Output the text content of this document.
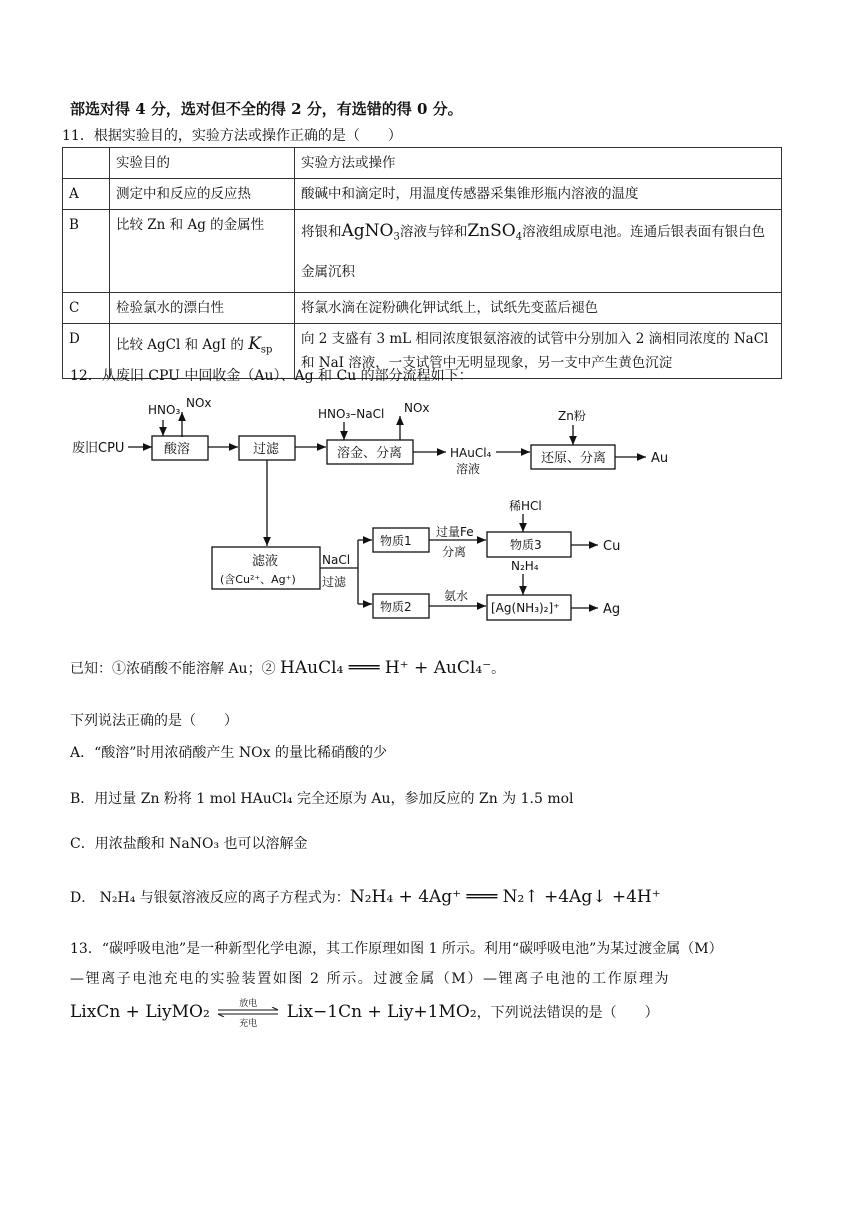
部选对得 4 分，选对但不全的得 2 分，有选错的得 0 分。
11．根据实验目的，实验方法或操作正确的是（　　）
	实验目的	实验方法或操作
A	测定中和反应的反应热	酸碱中和滴定时，用温度传感器采集锥形瓶内溶液的温度
B	比较 Zn 和 Ag 的金属性	将银和AgNO$_3$溶液与锌和ZnSO$_4$溶液组成原电池。连通后银表面有银白色金属沉积
C	检验氯水的漂白性	将氯水滴在淀粉碘化钾试纸上，试纸先变蓝后褪色
D	比较 AgCl 和 AgI 的 $K_{sp}$	向 2 支盛有 3 mL 相同浓度银氨溶液的试管中分别加入 2 滴相同浓度的 NaCl 和 NaI 溶液，一支试管中无明显现象，另一支中产生黄色沉淀
12．从废旧 CPU 中回收金（Au）、Ag 和 Cu 的部分流程如下：
废旧CPU
HNO₃ NOx
酸溶	过滤
HNO₃–NaCl NOx
溶金、分离	HAuCl₄
溶液
Zn粉
还原、分离	Au
滤液
(含Cu²⁺、Ag⁺)
NaCl
过滤
物质1
过量Fe
分离
稀HCl
物质3	Cu
物质2
氨水
N₂H₄
[Ag(NH₃)₂]⁺	Ag
已知：①浓硝酸不能溶解 Au；② HAuCl₄ ═══ H⁺ + AuCl₄⁻。
下列说法正确的是（　　）
A．“酸溶”时用浓硝酸产生 NOx 的量比稀硝酸的少
B．用过量 Zn 粉将 1 mol HAuCl₄ 完全还原为 Au，参加反应的 Zn 为 1.5 mol
C．用浓盐酸和 NaNO₃ 也可以溶解金
D． N₂H₄ 与银氨溶液反应的离子方程式为：N₂H₄ + 4Ag⁺ ═══ N₂↑ +4Ag↓ +4H⁺
13．“碳呼吸电池”是一种新型化学电源，其工作原理如图 1 所示。利用“碳呼吸电池”为某过渡金属（M）
—锂离子电池充电的实验装置如图 2 所示。过渡金属（M）—锂离子电池的工作原理为
LixCn + LiyMO₂	放电
充电
Lix−1Cn + Liy+1MO₂，下列说法错误的是（　　）
